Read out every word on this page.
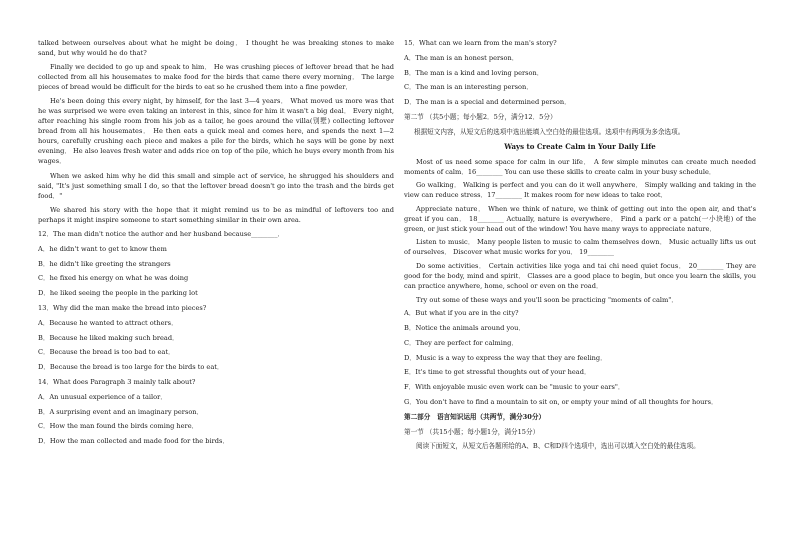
talked between ourselves about what he might be doing． I thought he was breaking stones to make sand, but why would he do that?

Finally we decided to go up and speak to him． He was crushing pieces of leftover bread that he had collected from all his housemates to make food for the birds that came there every morning． The large pieces of bread would be difficult for the birds to eat so he crushed them into a fine powder．

He's been doing this every night, by himself, for the last 3—4 years． What moved us more was that he was surprised we were even taking an interest in this, since for him it wasn't a big deal． Every night, after reaching his single room from his job as a tailor, he goes around the villa(别墅) collecting leftover bread from all his housemates． He then eats a quick meal and comes here, and spends the next 1—2 hours, carefully crushing each piece and makes a pile for the birds, which he says will be gone by next evening． He also leaves fresh water and adds rice on top of the pile, which he buys every month from his wages．

When we asked him why he did this small and simple act of service, he shrugged his shoulders and said, "It's just something small I do, so that the leftover bread doesn't go into the trash and the birds get food．"

We shared his story with the hope that it might remind us to be as mindful of leftovers too and perhaps it might inspire someone to start something similar in their own area.

12．The man didn't notice the author and her husband because________．
A．he didn't want to get to know them
B．he didn't like greeting the strangers
C．he fixed his energy on what he was doing
D．he liked seeing the people in the parking lot
13．Why did the man make the bread into pieces?
A．Because he wanted to attract others．
B．Because he liked making such bread．
C．Because the bread is too bad to eat．
D．Because the bread is too large for the birds to eat．
14．What does Paragraph 3 mainly talk about?
A．An unusual experience of a tailor．
B．A surprising event and an imaginary person．
C．How the man found the birds coming here．
D．How the man collected and made food for the birds．
15．What can we learn from the man's story?
A．The man is an honest person．
B．The man is a kind and loving person．
C．The man is an interesting person．
D．The man is a special and determined person．
第二节 （共5小题；每小题2．5分，满分12．5分）
根据短文内容，从短文后的选项中选出能填入空白处的最佳选项。选项中有两项为多余选项。
Ways to Create Calm in Your Daily Life

Most of us need some space for calm in our life． A few simple minutes can create much needed moments of calm．16________ You can use these skills to create calm in your busy schedule．

Go walking． Walking is perfect and you can do it well anywhere． Simply walking and taking in the view can reduce stress．17________ It makes room for new ideas to take root．

Appreciate nature． When we think of nature, we think of getting out into the open air, and that's great if you can． 18________ Actually, nature is everywhere． Find a park or a patch(一小块地) of the green, or just stick your head out of the window! You have many ways to appreciate nature．

Listen to music． Many people listen to music to calm themselves down． Music actually lifts us out of ourselves． Discover what music works for you． 19________

Do some activities． Certain activities like yoga and tai chi need quiet focus． 20________ They are good for the body, mind and spirit． Classes are a good place to begin, but once you learn the skills, you can practice anywhere, home, school or even on the road．

Try out some of these ways and you'll soon be practicing "moments of calm"．

A．But what if you are in the city?
B．Notice the animals around you．
C．They are perfect for calming．
D．Music is a way to express the way that they are feeling．
E．It's time to get stressful thoughts out of your head．
F．With enjoyable music even work can be "music to your ears"．
G．You don't have to find a mountain to sit on, or empty your mind of all thoughts for hours．
第二部分　语言知识运用（共两节，满分30分）
第一节 （共15小题；每小题1分，满分15分）

阅读下面短文，从短文后各题所给的A、B、C和D四个选项中，选出可以填入空白处的最佳选项。
